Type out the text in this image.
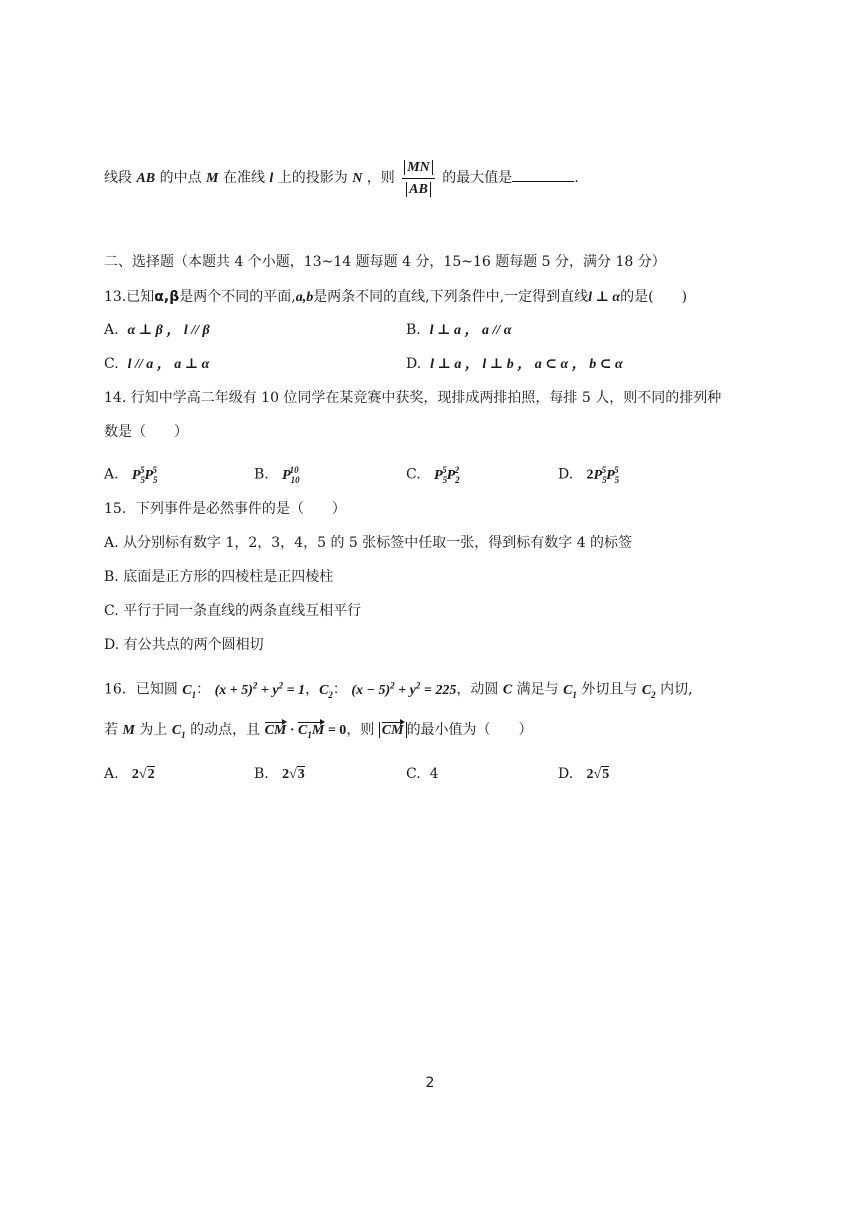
线段 AB 的中点 M 在准线 l 上的投影为 N ，则 $\frac{MN}{AB}$ 的最大值是	.
二、选择题（本题共 4 个小题，13~14 题每题 4 分，15~16 题每题 5 分，满分 18 分）
13.已知α,β是两个不同的平面,a,b是两条不同的直线,下列条件中,一定得到直线l ⊥ α的是(　　)
A. α ⊥ β ， l // β	B. l ⊥ a ， a // α
C. l // a ， a ⊥ α	D. l ⊥ a ， l ⊥ b ， a ⊂ α ， b ⊂ α
14. 行知中学高二年级有 10 位同学在某竞赛中获奖，现排成两排拍照，每排 5 人，则不同的排列种
数是（　　）
A. $P_5^5P_5^5$	B. $P_{10}^{10}$	C. $P_5^5P_2^2$	D. $2P_5^5P_5^5$
15．下列事件是必然事件的是（　　）
A. 从分别标有数字 1，2，3，4，5 的 5 张标签中任取一张，得到标有数字 4 的标签
B. 底面是正方形的四棱柱是正四棱柱
C. 平行于同一条直线的两条直线互相平行
D. 有公共点的两个圆相切
16．已知圆 $C_1$： $(x + 5)^2 + y^2 = 1$，$C_2$： $(x - 5)^2 + y^2 = 225$，动圆 C 满足与 $C_1$ 外切且与 $C_2$ 内切,
若 M 为上 $C_1$ 的动点，且 CM · $C_1M = 0$，则 CM 的最小值为（　　）
A. 2√2	B. 2√3	C. 4	D. 2√5
2
